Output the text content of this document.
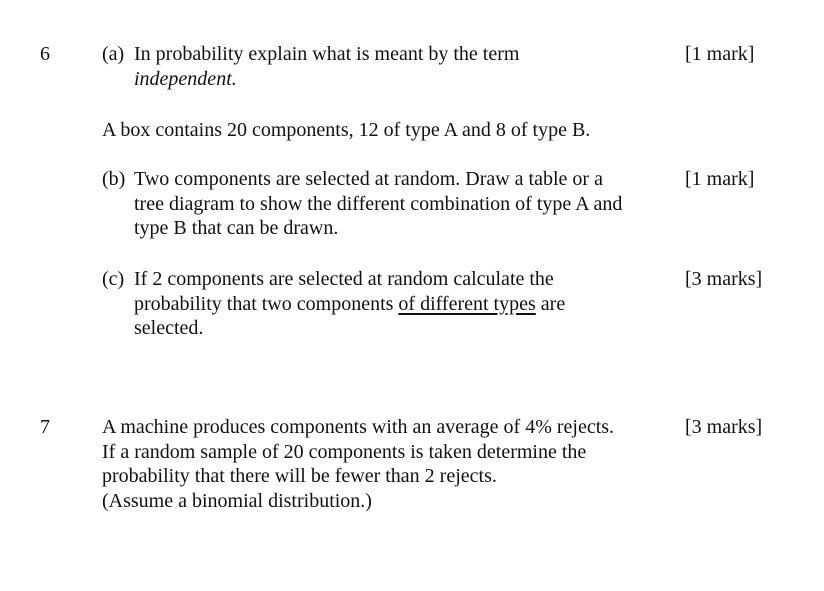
6	(a) In probability explain what is meant by the term
independent.
[1 mark]
A box contains 20 components, 12 of type A and 8 of type B.
(b) Two components are selected at random. Draw a table or a
tree diagram to show the different combination of type A and
type B that can be drawn.
[1 mark]
(c) If 2 components are selected at random calculate the
probability that two components of different types are
selected.
[3 marks]
7	A machine produces components with an average of 4% rejects.
If a random sample of 20 components is taken determine the
probability that there will be fewer than 2 rejects.
(Assume a binomial distribution.)
[3 marks]
